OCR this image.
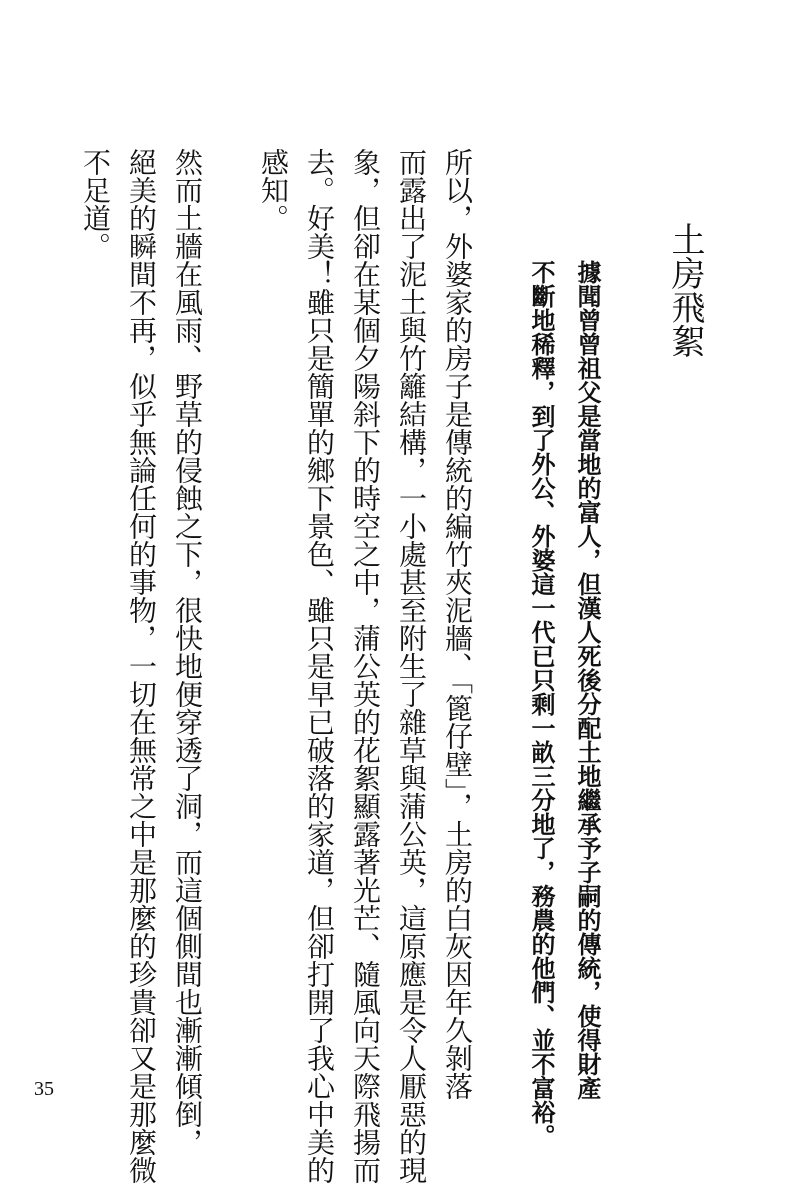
土房飛絮

據聞曾曾祖父是當地的富人，但漢人死後分配土地繼承予子嗣的傳統，使得財產
不斷地稀釋，到了外公、外婆這一代已只剩一畝三分地了，務農的他們、並不富裕。

所以，外婆家的房子是傳統的編竹夾泥牆、「篦仔壁」，土房的白灰因年久剝落
而露出了泥土與竹籬結構，一小處甚至附生了雜草與蒲公英，這原應是令人厭惡的現
象，但卻在某個夕陽斜下的時空之中，蒲公英的花絮顯露著光芒、隨風向天際飛揚而
去。好美！雖只是簡單的鄉下景色、雖只是早已破落的家道，但卻打開了我心中美的
感知。

然而土牆在風雨、野草的侵蝕之下，很快地便穿透了洞，而這個側間也漸漸傾倒，
絕美的瞬間不再，似乎無論任何的事物，一切在無常之中是那麼的珍貴卻又是那麼微
不足道。

35
